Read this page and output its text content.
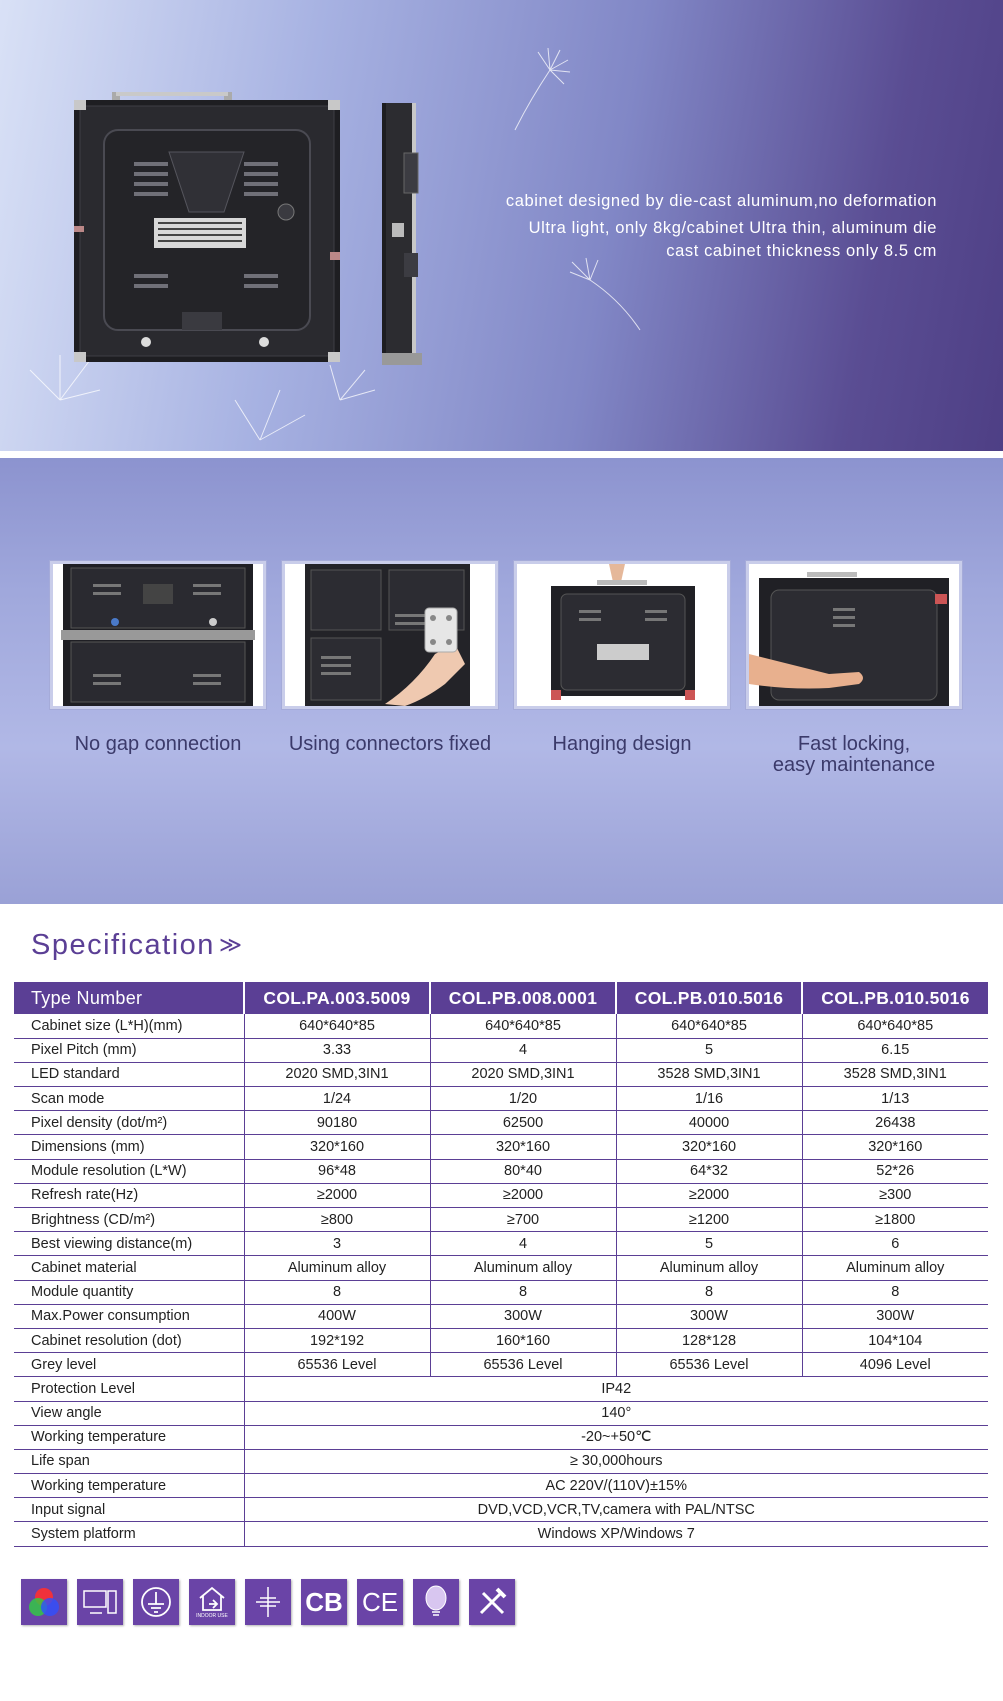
cabinet designed by die-cast aluminum,no deformation

Ultra light, only 8kg/cabinet Ultra thin, aluminum die

cast cabinet thickness only 8.5 cm

No gap connection	Using connectors fixed	Hanging design	Fast locking,
easy maintenance
Specification ≫
Type Number	COL.PA.003.5009	COL.PB.008.0001	COL.PB.010.5016	COL.PB.010.5016
Cabinet size (L*H)(mm)	640*640*85	640*640*85	640*640*85	640*640*85
Pixel Pitch (mm)	3.33	4	5	6.15
LED standard	2020 SMD,3IN1	2020 SMD,3IN1	3528 SMD,3IN1	3528 SMD,3IN1
Scan mode	1/24	1/20	1/16	1/13
Pixel density (dot/m²)	90180	62500	40000	26438
Dimensions (mm)	320*160	320*160	320*160	320*160
Module resolution (L*W)	96*48	80*40	64*32	52*26
Refresh rate(Hz)	≥2000	≥2000	≥2000	≥300
Brightness (CD/m²)	≥800	≥700	≥1200	≥1800
Best viewing distance(m)	3	4	5	6
Cabinet material	Aluminum alloy	Aluminum alloy	Aluminum alloy	Aluminum alloy
Module quantity	8	8	8	8
Max.Power consumption	400W	300W	300W	300W
Cabinet resolution (dot)	192*192	160*160	128*128	104*104
Grey level	65536 Level	65536 Level	65536 Level	4096 Level
Protection Level	IP42			
View angle	140°			
Working temperature	-20~+50℃			
Life span	≥ 30,000hours			
Working temperature	AC 220V/(110V)±15%			
Input signal	DVD,VCD,VCR,TV,camera with PAL/NTSC			
System platform	Windows XP/Windows 7			
INDOOR USE	CB CE
